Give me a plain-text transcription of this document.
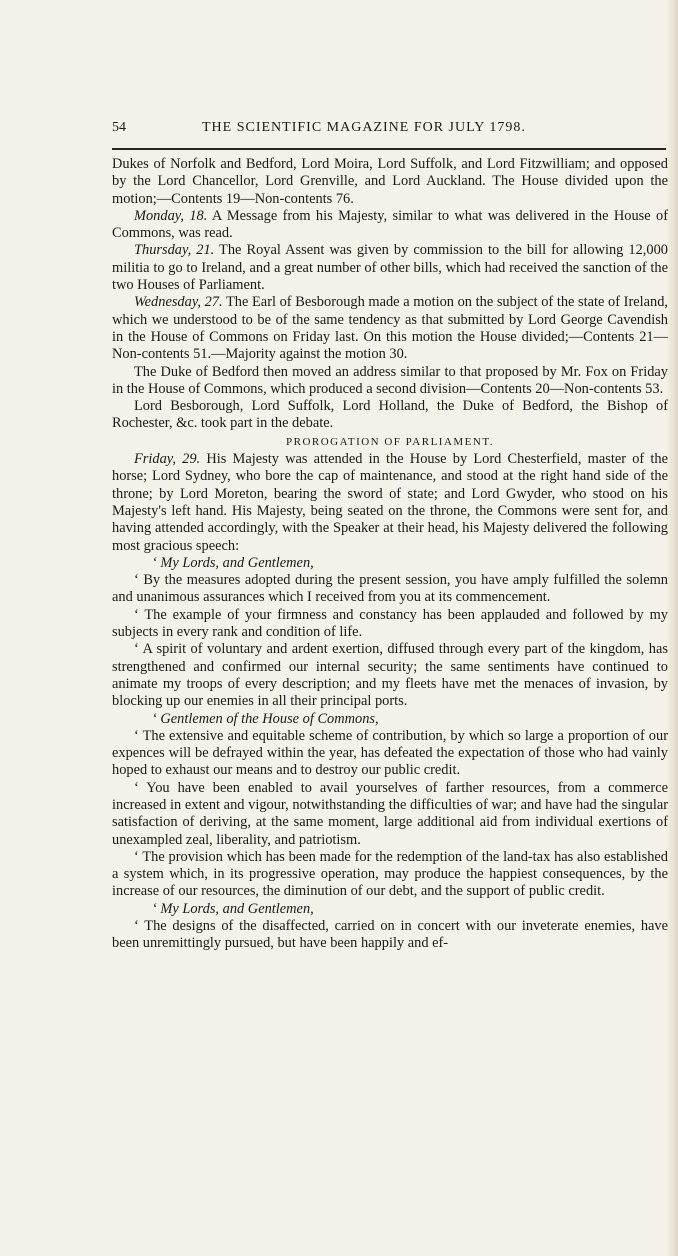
54	THE SCIENTIFIC MAGAZINE FOR JULY 1798.

Dukes of Norfolk and Bedford, Lord Moira, Lord Suffolk, and Lord Fitzwilliam; and opposed by the Lord Chancellor, Lord Grenville, and Lord Auckland. The House divided upon the motion;—Contents 19—Non-contents 76.

Monday, 18. A Message from his Majesty, similar to what was delivered in the House of Commons, was read.

Thursday, 21. The Royal Assent was given by commission to the bill for allowing 12,000 militia to go to Ireland, and a great number of other bills, which had received the sanction of the two Houses of Parliament.

Wednesday, 27. The Earl of Besborough made a motion on the subject of the state of Ireland, which we understood to be of the same tendency as that submitted by Lord George Cavendish in the House of Commons on Friday last. On this motion the House divided;—Contents 21—Non-contents 51.—Majority against the motion 30.

The Duke of Bedford then moved an address similar to that proposed by Mr. Fox on Friday in the House of Commons, which produced a second division—Contents 20—Non-contents 53.

Lord Besborough, Lord Suffolk, Lord Holland, the Duke of Bedford, the Bishop of Rochester, &c. took part in the debate.

PROROGATION OF PARLIAMENT.

Friday, 29. His Majesty was attended in the House by Lord Chesterfield, master of the horse; Lord Sydney, who bore the cap of maintenance, and stood at the right hand side of the throne; by Lord Moreton, bearing the sword of state; and Lord Gwyder, who stood on his Majesty's left hand. His Majesty, being seated on the throne, the Commons were sent for, and having attended accordingly, with the Speaker at their head, his Majesty delivered the following most gracious speech:

‘ My Lords, and Gentlemen,

‘ By the measures adopted during the present session, you have amply fulfilled the solemn and unanimous assurances which I received from you at its commencement.

‘ The example of your firmness and constancy has been applauded and followed by my subjects in every rank and condition of life.

‘ A spirit of voluntary and ardent exertion, diffused through every part of the kingdom, has strengthened and confirmed our internal security; the same sentiments have continued to animate my troops of every description; and my fleets have met the menaces of invasion, by blocking up our enemies in all their principal ports.

‘ Gentlemen of the House of Commons,

‘ The extensive and equitable scheme of contribution, by which so large a proportion of our expences will be defrayed within the year, has defeated the expectation of those who had vainly hoped to exhaust our means and to destroy our public credit.

‘ You have been enabled to avail yourselves of farther resources, from a commerce increased in extent and vigour, notwithstanding the difficulties of war; and have had the singular satisfaction of deriving, at the same moment, large additional aid from individual exertions of unexampled zeal, liberality, and patriotism.

‘ The provision which has been made for the redemption of the land-tax has also established a system which, in its progressive operation, may produce the happiest consequences, by the increase of our resources, the diminution of our debt, and the support of public credit.

‘ My Lords, and Gentlemen,

‘ The designs of the disaffected, carried on in concert with our inveterate enemies, have been unremittingly pursued, but have been happily and ef-
